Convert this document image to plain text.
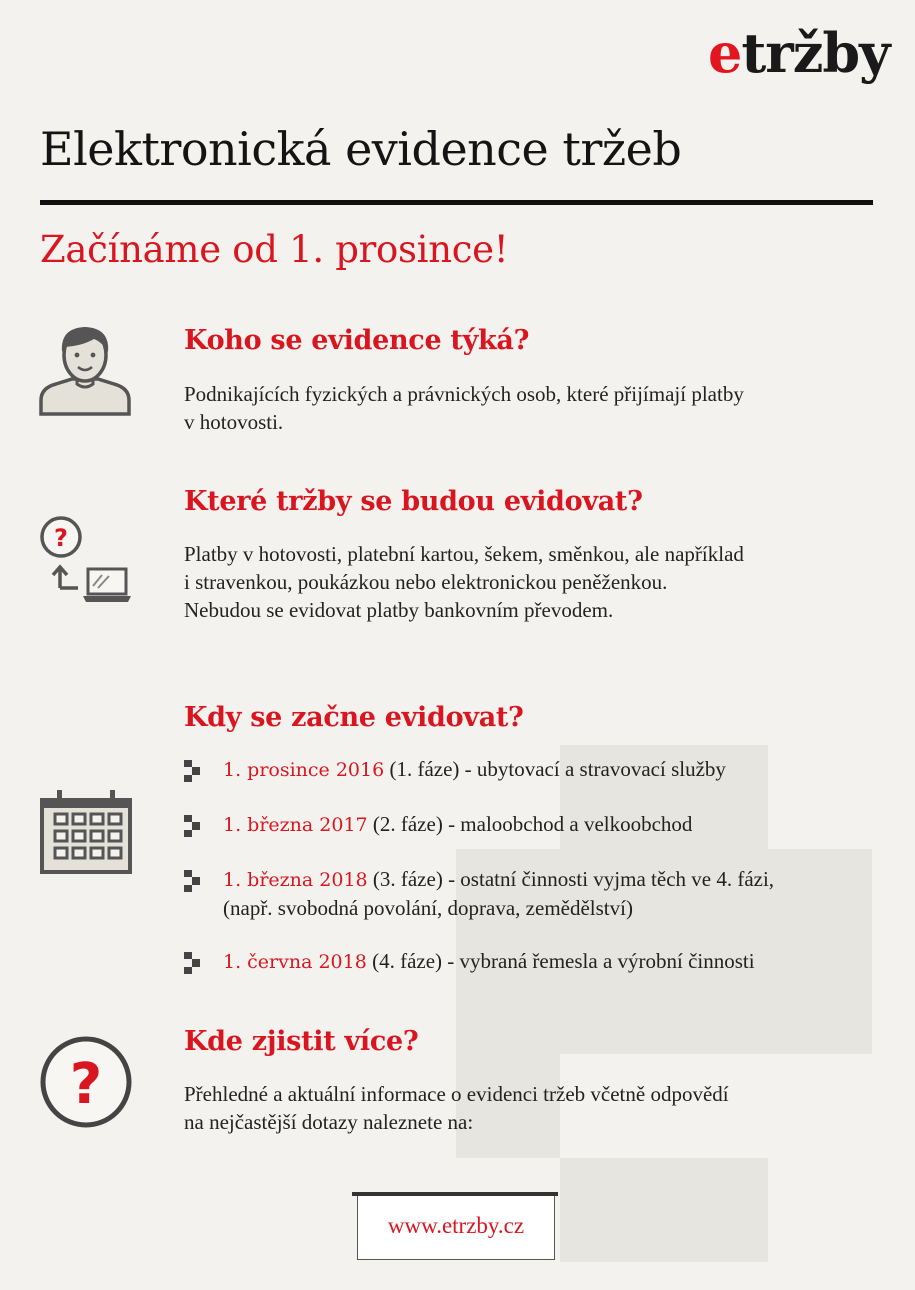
etržby
Elektronická evidence tržeb
Začínáme od 1. prosince!
Koho se evidence týká?
Podnikajících fyzických a právnických osob, které přijímají platby
v hotovosti.
?
Které tržby se budou evidovat?
Platby v hotovosti, platební kartou, šekem, směnkou, ale například
i stravenkou, poukázkou nebo elektronickou peněženkou.
Nebudou se evidovat platby bankovním převodem.
Kdy se začne evidovat?
1. prosince 2016 (1. fáze) - ubytovací a stravovací služby
1. března 2017 (2. fáze) - maloobchod a velkoobchod
1. března 2018 (3. fáze) - ostatní činnosti vyjma těch ve 4. fázi,
(např. svobodná povolání, doprava, zemědělství)
1. června 2018 (4. fáze) - vybraná řemesla a výrobní činnosti
?
Kde zjistit více?
Přehledné a aktuální informace o evidenci tržeb včetně odpovědí
na nejčastější dotazy naleznete na:
www.etrzby.cz
